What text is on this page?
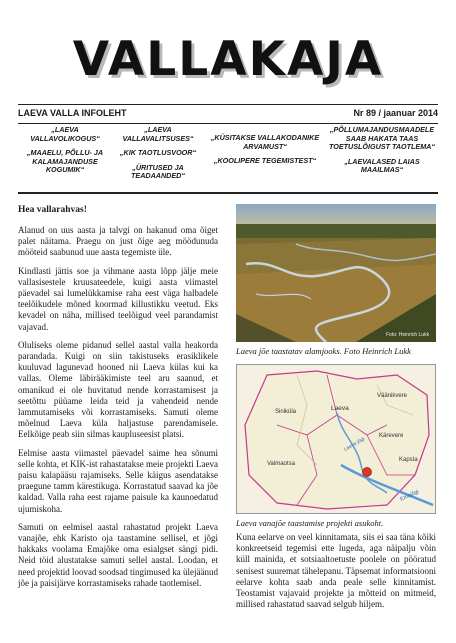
VALLAKAJA
LAEVA VALLA INFOLEHT	Nr 89 / jaanuar 2014
„LAEVA VALLAVOLIKOGUS“
„MAAELU, PÕLLU- JA KALAMAJANDUSE KOGUMIK“
„LAEVA VALLAVALITSUSES“
„KIK TAOTLUSVOOR“
„ÜRITUSED JA TEADAANDED“
„KÜSITAKSE VALLAKODANIKE ARVAMUST“
„KOOLIPERE TEGEMISTEST“
„PÕLLUMAJANDUSMAADELE SAAB HAKATA TAAS TOETUSLÕIGUST TAOTLEMA“
„LAEVALASED LAIAS MAAILMAS“
Hea vallarahvas!

Alanud on uus aasta ja talvgi on hakanud oma õiget palet näitama. Praegu on just õige aeg möödunuda mööteid saabunud uue aasta tegemiste üle.

Kindlasti jättis soe ja vihmane aasta lõpp jälje meie vallasisestele kruusateedele, kuigi aasta viimastel päevadel sai lumelükkamise raha eest väga halbadele teelõikudele mõned koormad killustikku veetud. Eks kevadel on näha, millised teelõigud veel parandamist vajavad.

Oluliseks oleme pidanud sellel aastal valla heakorda parandada. Kuigi on siin takistuseks erasiklikele kuuluvad lagunevad hooned nii Laeva külas kui ka vallas. Oleme läbirääkimiste teel aru saanud, et omanikud ei ole huvitatud nende korrastamisest ja seetõttu püüame leida teid ja vahendeid nende lammutamiseks või korrastamiseks. Samuti oleme mõelnud Laeva küla haljastuse parendamisele. Eelkõige peab siin silmas kaupluseesist platsi.

Eelmise aasta viimastel päevadel saime hea sõnumi selle kohta, et KIK-ist rahastatakse meie projekti Laeva paisu kalapääsu rajamiseks. Selle käigus asendatakse praegune tamm kärestikuga. Korrastatud saavad ka jõe kaldad. Valla raha eest rajame paisule ka kaunoedatud ujumiskoha.

Samuti on eelmisel aastal rahastatud projekt Laeva vanajõe, ehk Karisto oja taastamine sellisel, et jõgi hakkaks voolama Emajõke oma esialgset sängi pidi. Neid töid alustatakse samuti sellel aastal. Loodan, et need projektid loovad soodsad tingimused ka ülejäänud jõe ja paisijärve korrastamiseks rahade taotlemisel.

Foto: Heinrich Lukk
Laeva jõe taastatav alamjooks. Foto Heinrich Lukk
Laeva
Väänikvere
Siniküla
Kärevere
Kapsta
Valmaotsa
Laeva jõgi
Emajõgi
Laeva vanajõe taastamise projekti asukoht.

Kuna eelarve on veel kinnitamata, siis ei saa täna kõiki konkreetseid tegemisi ette lugeda, aga näipalju võin küll mainida, et sotsiaaltoetuste poolele on pööratud senisest suuremat tähelepanu. Täpsemat informatsiooni eelarve kohta saab anda peale selle kinnitamist. Teostamist vajavaid projekte ja mõtteid on mitmeid, millised rahastatud saavad selgub hiljem.
